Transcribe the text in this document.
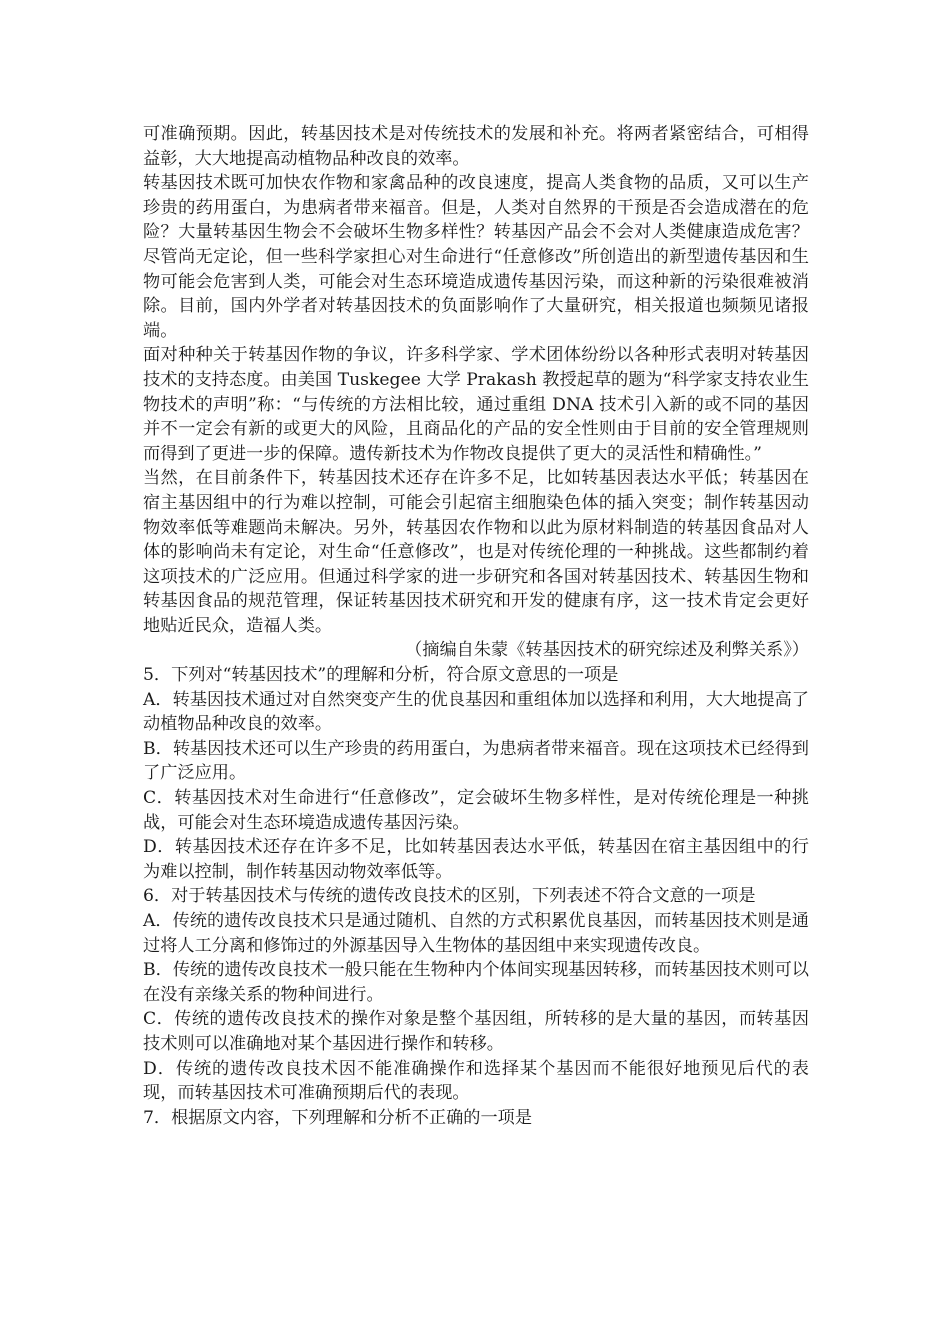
可准确预期。因此，转基因技术是对传统技术的发展和补充。将两者紧密结合，可相得益彰，大大地提高动植物品种改良的效率。

转基因技术既可加快农作物和家禽品种的改良速度，提高人类食物的品质，又可以生产珍贵的药用蛋白，为患病者带来福音。但是，人类对自然界的干预是否会造成潜在的危险？大量转基因生物会不会破坏生物多样性？转基因产品会不会对人类健康造成危害？尽管尚无定论，但一些科学家担心对生命进行“任意修改”所创造出的新型遗传基因和生物可能会危害到人类，可能会对生态环境造成遗传基因污染，而这种新的污染很难被消除。目前，国内外学者对转基因技术的负面影响作了大量研究，相关报道也频频见诸报端。

面对种种关于转基因作物的争议，许多科学家、学术团体纷纷以各种形式表明对转基因技术的支持态度。由美国 Tuskegee 大学 Prakash 教授起草的题为“科学家支持农业生物技术的声明”称：“与传统的方法相比较，通过重组 DNA 技术引入新的或不同的基因并不一定会有新的或更大的风险，且商品化的产品的安全性则由于目前的安全管理规则而得到了更进一步的保障。遗传新技术为作物改良提供了更大的灵活性和精确性。”

当然，在目前条件下，转基因技术还存在许多不足，比如转基因表达水平低；转基因在宿主基因组中的行为难以控制，可能会引起宿主细胞染色体的插入突变；制作转基因动物效率低等难题尚未解决。另外，转基因农作物和以此为原材料制造的转基因食品对人体的影响尚未有定论，对生命“任意修改”，也是对传统伦理的一种挑战。这些都制约着这项技术的广泛应用。但通过科学家的进一步研究和各国对转基因技术、转基因生物和转基因食品的规范管理，保证转基因技术研究和开发的健康有序，这一技术肯定会更好地贴近民众，造福人类。

（摘编自朱蒙《转基因技术的研究综述及利弊关系》）

5．下列对“转基因技术”的理解和分析，符合原文意思的一项是

A．转基因技术通过对自然突变产生的优良基因和重组体加以选择和利用，大大地提高了动植物品种改良的效率。

B．转基因技术还可以生产珍贵的药用蛋白，为患病者带来福音。现在这项技术已经得到了广泛应用。

C．转基因技术对生命进行“任意修改”，定会破坏生物多样性，是对传统伦理是一种挑战，可能会对生态环境造成遗传基因污染。

D．转基因技术还存在许多不足，比如转基因表达水平低，转基因在宿主基因组中的行为难以控制，制作转基因动物效率低等。

6．对于转基因技术与传统的遗传改良技术的区别，下列表述不符合文意的一项是

A．传统的遗传改良技术只是通过随机、自然的方式积累优良基因，而转基因技术则是通过将人工分离和修饰过的外源基因导入生物体的基因组中来实现遗传改良。

B．传统的遗传改良技术一般只能在生物种内个体间实现基因转移，而转基因技术则可以在没有亲缘关系的物种间进行。

C．传统的遗传改良技术的操作对象是整个基因组，所转移的是大量的基因，而转基因技术则可以准确地对某个基因进行操作和转移。

D．传统的遗传改良技术因不能准确操作和选择某个基因而不能很好地预见后代的表现，而转基因技术可准确预期后代的表现。

7．根据原文内容，下列理解和分析不正确的一项是
